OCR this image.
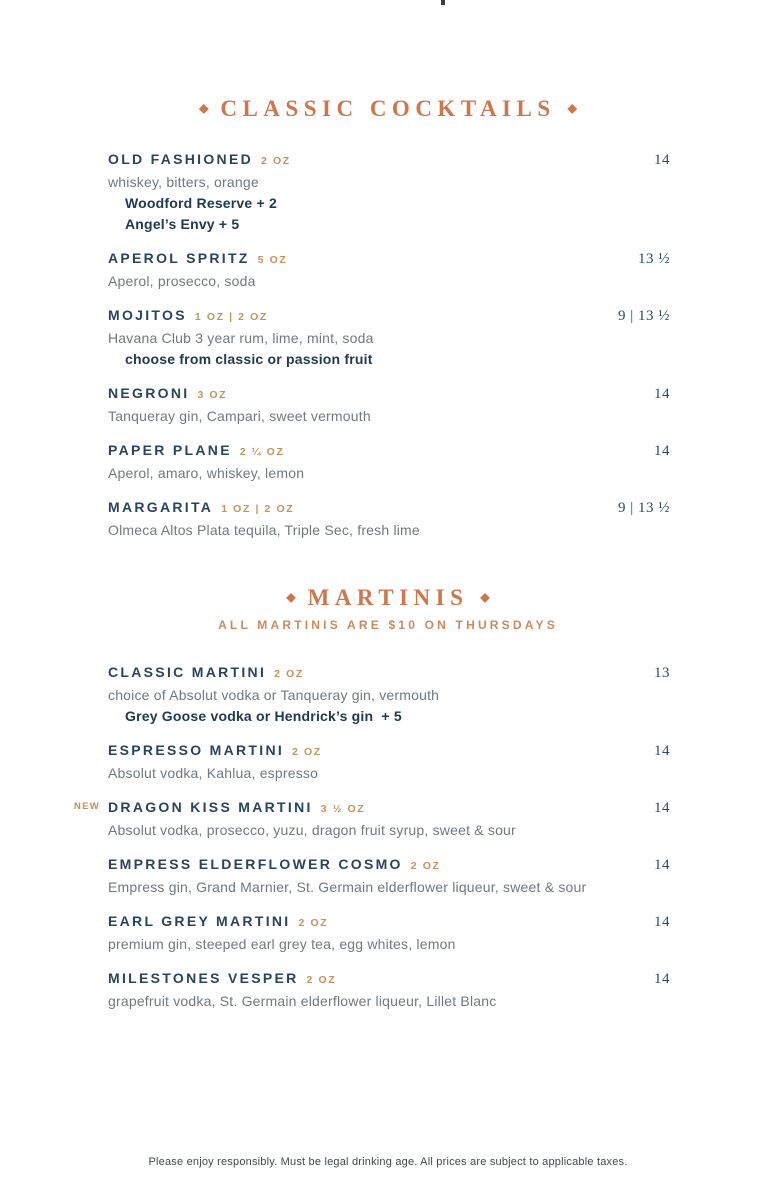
◆ CLASSIC COCKTAILS ◆
OLD FASHIONED 2 OZ	14
whiskey, bitters, orange
Woodford Reserve + 2
Angel’s Envy + 5
APEROL SPRITZ 5 OZ	13 ½
Aperol, prosecco, soda
MOJITOS 1 OZ | 2 OZ	9 | 13 ½
Havana Club 3 year rum, lime, mint, soda
choose from classic or passion fruit
NEGRONI 3 OZ	14
Tanqueray gin, Campari, sweet vermouth
PAPER PLANE 2 ¼ OZ	14
Aperol, amaro, whiskey, lemon
MARGARITA 1 OZ | 2 OZ	9 | 13 ½
Olmeca Altos Plata tequila, Triple Sec, fresh lime
◆ MARTINIS ◆
ALL MARTINIS ARE $10 ON THURSDAYS
CLASSIC MARTINI 2 OZ	13
choice of Absolut vodka or Tanqueray gin, vermouth
Grey Goose vodka or Hendrick’s gin  + 5
ESPRESSO MARTINI 2 OZ	14
Absolut vodka, Kahlua, espresso
NEW DRAGON KISS MARTINI 3 ½ OZ	14
Absolut vodka, prosecco, yuzu, dragon fruit syrup, sweet & sour
EMPRESS ELDERFLOWER COSMO 2 OZ	14
Empress gin, Grand Marnier, St. Germain elderflower liqueur, sweet & sour
EARL GREY MARTINI 2 OZ	14
premium gin, steeped earl grey tea, egg whites, lemon
MILESTONES VESPER 2 OZ	14
grapefruit vodka, St. Germain elderflower liqueur, Lillet Blanc
Please enjoy responsibly. Must be legal drinking age. All prices are subject to applicable taxes.
